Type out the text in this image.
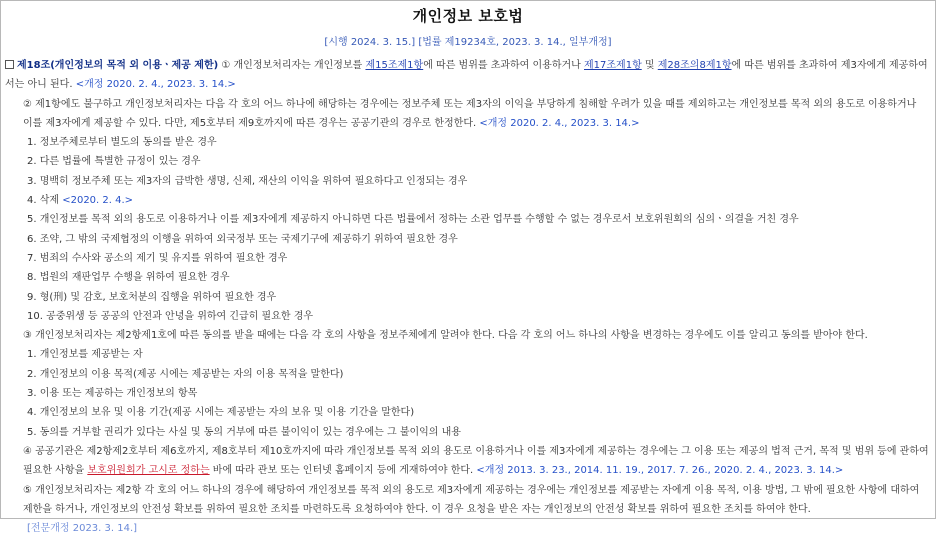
개인정보 보호법
[시행 2024. 3. 15.] [법률 제19234호, 2023. 3. 14., 일부개정]
제18조(개인정보의 목적 외 이용ㆍ제공 제한) ① 개인정보처리자는 개인정보를 제15조제1항에 따른 범위를 초과하여 이용하거나 제17조제1항 및 제28조의8제1항에 따른 범위를 초과하여 제3자에게 제공하여서는 아니 된다. <개정 2020. 2. 4., 2023. 3. 14.>
② 제1항에도 불구하고 개인정보처리자는 다음 각 호의 어느 하나에 해당하는 경우에는 정보주체 또는 제3자의 이익을 부당하게 침해할 우려가 있을 때를 제외하고는 개인정보를 목적 외의 용도로 이용하거나 이를 제3자에게 제공할 수 있다. 다만, 제5호부터 제9호까지에 따른 경우는 공공기관의 경우로 한정한다. <개정 2020. 2. 4., 2023. 3. 14.>
1. 정보주체로부터 별도의 동의를 받은 경우
2. 다른 법률에 특별한 규정이 있는 경우
3. 명백히 정보주체 또는 제3자의 급박한 생명, 신체, 재산의 이익을 위하여 필요하다고 인정되는 경우
4. 삭제 <2020. 2. 4.>
5. 개인정보를 목적 외의 용도로 이용하거나 이를 제3자에게 제공하지 아니하면 다른 법률에서 정하는 소관 업무를 수행할 수 없는 경우로서 보호위원회의 심의ㆍ의결을 거친 경우
6. 조약, 그 밖의 국제협정의 이행을 위하여 외국정부 또는 국제기구에 제공하기 위하여 필요한 경우
7. 범죄의 수사와 공소의 제기 및 유지를 위하여 필요한 경우
8. 법원의 재판업무 수행을 위하여 필요한 경우
9. 형(刑) 및 감호, 보호처분의 집행을 위하여 필요한 경우
10. 공중위생 등 공공의 안전과 안녕을 위하여 긴급히 필요한 경우
③ 개인정보처리자는 제2항제1호에 따른 동의를 받을 때에는 다음 각 호의 사항을 정보주체에게 알려야 한다. 다음 각 호의 어느 하나의 사항을 변경하는 경우에도 이를 알리고 동의를 받아야 한다.
1. 개인정보를 제공받는 자
2. 개인정보의 이용 목적(제공 시에는 제공받는 자의 이용 목적을 말한다)
3. 이용 또는 제공하는 개인정보의 항목
4. 개인정보의 보유 및 이용 기간(제공 시에는 제공받는 자의 보유 및 이용 기간을 말한다)
5. 동의를 거부할 권리가 있다는 사실 및 동의 거부에 따른 불이익이 있는 경우에는 그 불이익의 내용
④ 공공기관은 제2항제2호부터 제6호까지, 제8호부터 제10호까지에 따라 개인정보를 목적 외의 용도로 이용하거나 이를 제3자에게 제공하는 경우에는 그 이용 또는 제공의 법적 근거, 목적 및 범위 등에 관하여 필요한 사항을 보호위원회가 고시로 정하는 바에 따라 관보 또는 인터넷 홈페이지 등에 게재하여야 한다. <개정 2013. 3. 23., 2014. 11. 19., 2017. 7. 26., 2020. 2. 4., 2023. 3. 14.>
⑤ 개인정보처리자는 제2항 각 호의 어느 하나의 경우에 해당하여 개인정보를 목적 외의 용도로 제3자에게 제공하는 경우에는 개인정보를 제공받는 자에게 이용 목적, 이용 방법, 그 밖에 필요한 사항에 대하여 제한을 하거나, 개인정보의 안전성 확보를 위하여 필요한 조치를 마련하도록 요청하여야 한다. 이 경우 요청을 받은 자는 개인정보의 안전성 확보를 위하여 필요한 조치를 하여야 한다.
[전문개정 2023. 3. 14.]
